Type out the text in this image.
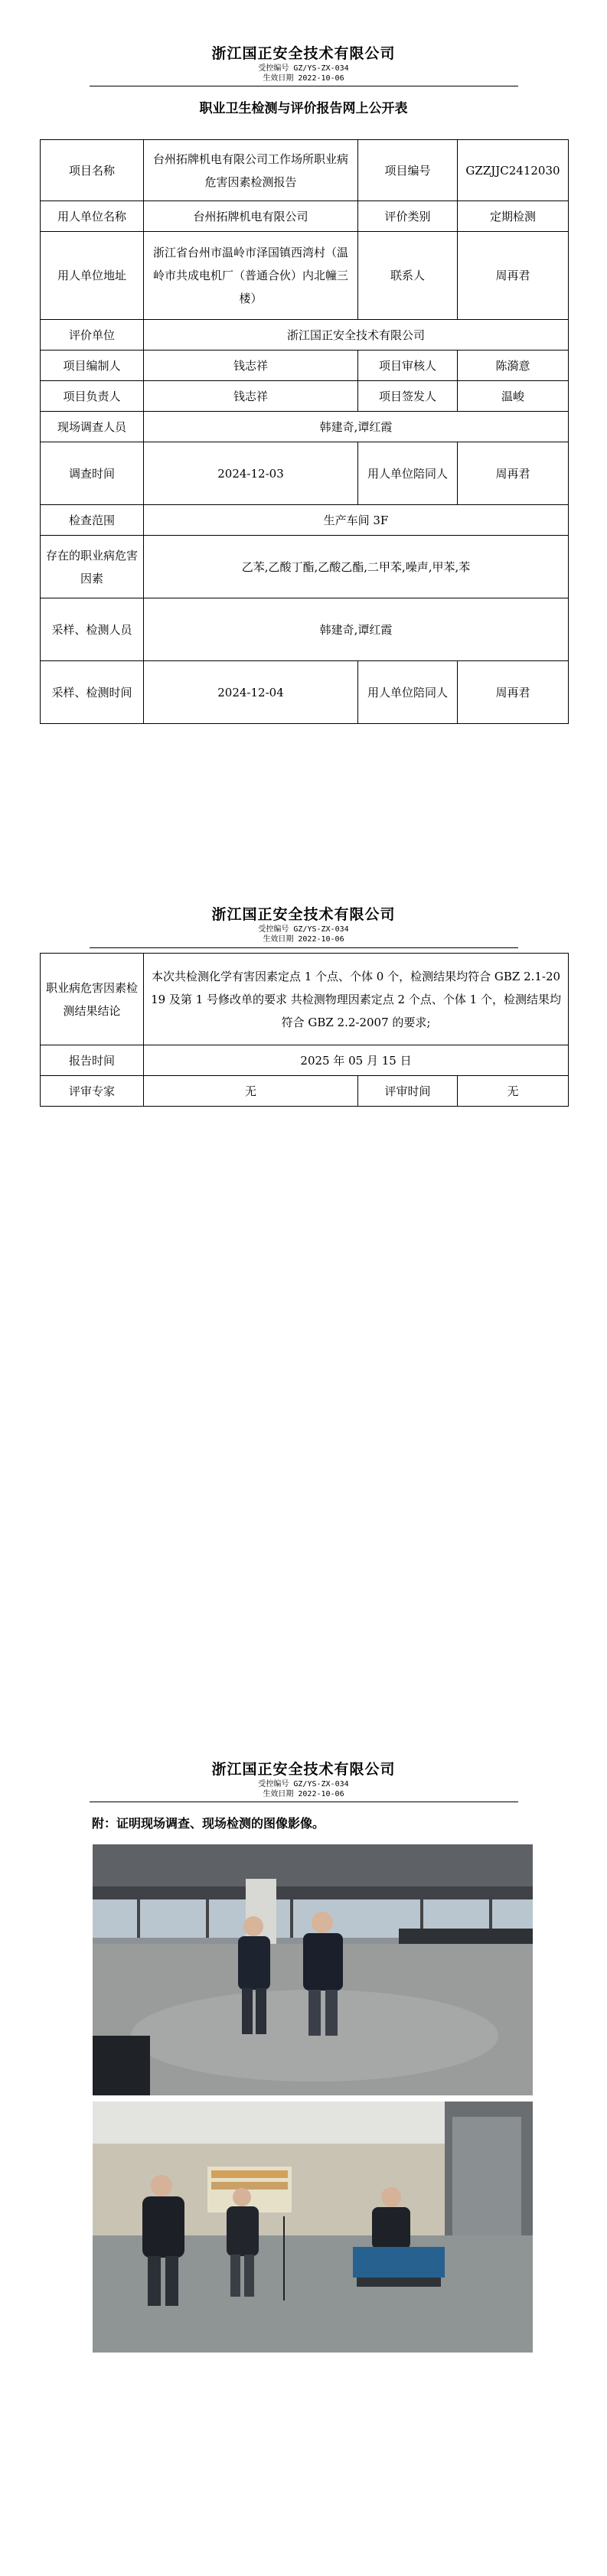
浙江国正安全技术有限公司
受控编号 GZ/YS-ZX-034
生效日期 2022-10-06
职业卫生检测与评价报告网上公开表
项目名称	台州拓牌机电有限公司工作场所职业病危害因素检测报告	项目编号	GZZJJC2412030
用人单位名称	台州拓牌机电有限公司	评价类别	定期检测
用人单位地址	浙江省台州市温岭市泽国镇西湾村（温岭市共成电机厂（普通合伙）内北幢三楼）	联系人	周再君
评价单位	浙江国正安全技术有限公司		
项目编制人	钱志祥	项目审核人	陈漪意
项目负责人	钱志祥	项目签发人	温峻
现场调查人员	韩建奇,谭红霞		
调查时间	2024-12-03	用人单位陪同人	周再君
检查范围	生产车间 3F		
存在的职业病危害因素	乙苯,乙酸丁酯,乙酸乙酯,二甲苯,噪声,甲苯,苯		
采样、检测人员	韩建奇,谭红霞		
采样、检测时间	2024-12-04	用人单位陪同人	周再君
浙江国正安全技术有限公司
受控编号 GZ/YS-ZX-034
生效日期 2022-10-06
职业病危害因素检测结果结论	本次共检测化学有害因素定点 1 个点、个体 0 个，检测结果均符合 GBZ 2.1-2019 及第 1 号修改单的要求 共检测物理因素定点 2 个点、个体 1 个，检测结果均符合 GBZ 2.2-2007 的要求;		
报告时间	2025 年 05 月 15 日		
评审专家	无	评审时间	无
浙江国正安全技术有限公司
受控编号 GZ/YS-ZX-034
生效日期 2022-10-06
附：证明现场调查、现场检测的图像影像。
